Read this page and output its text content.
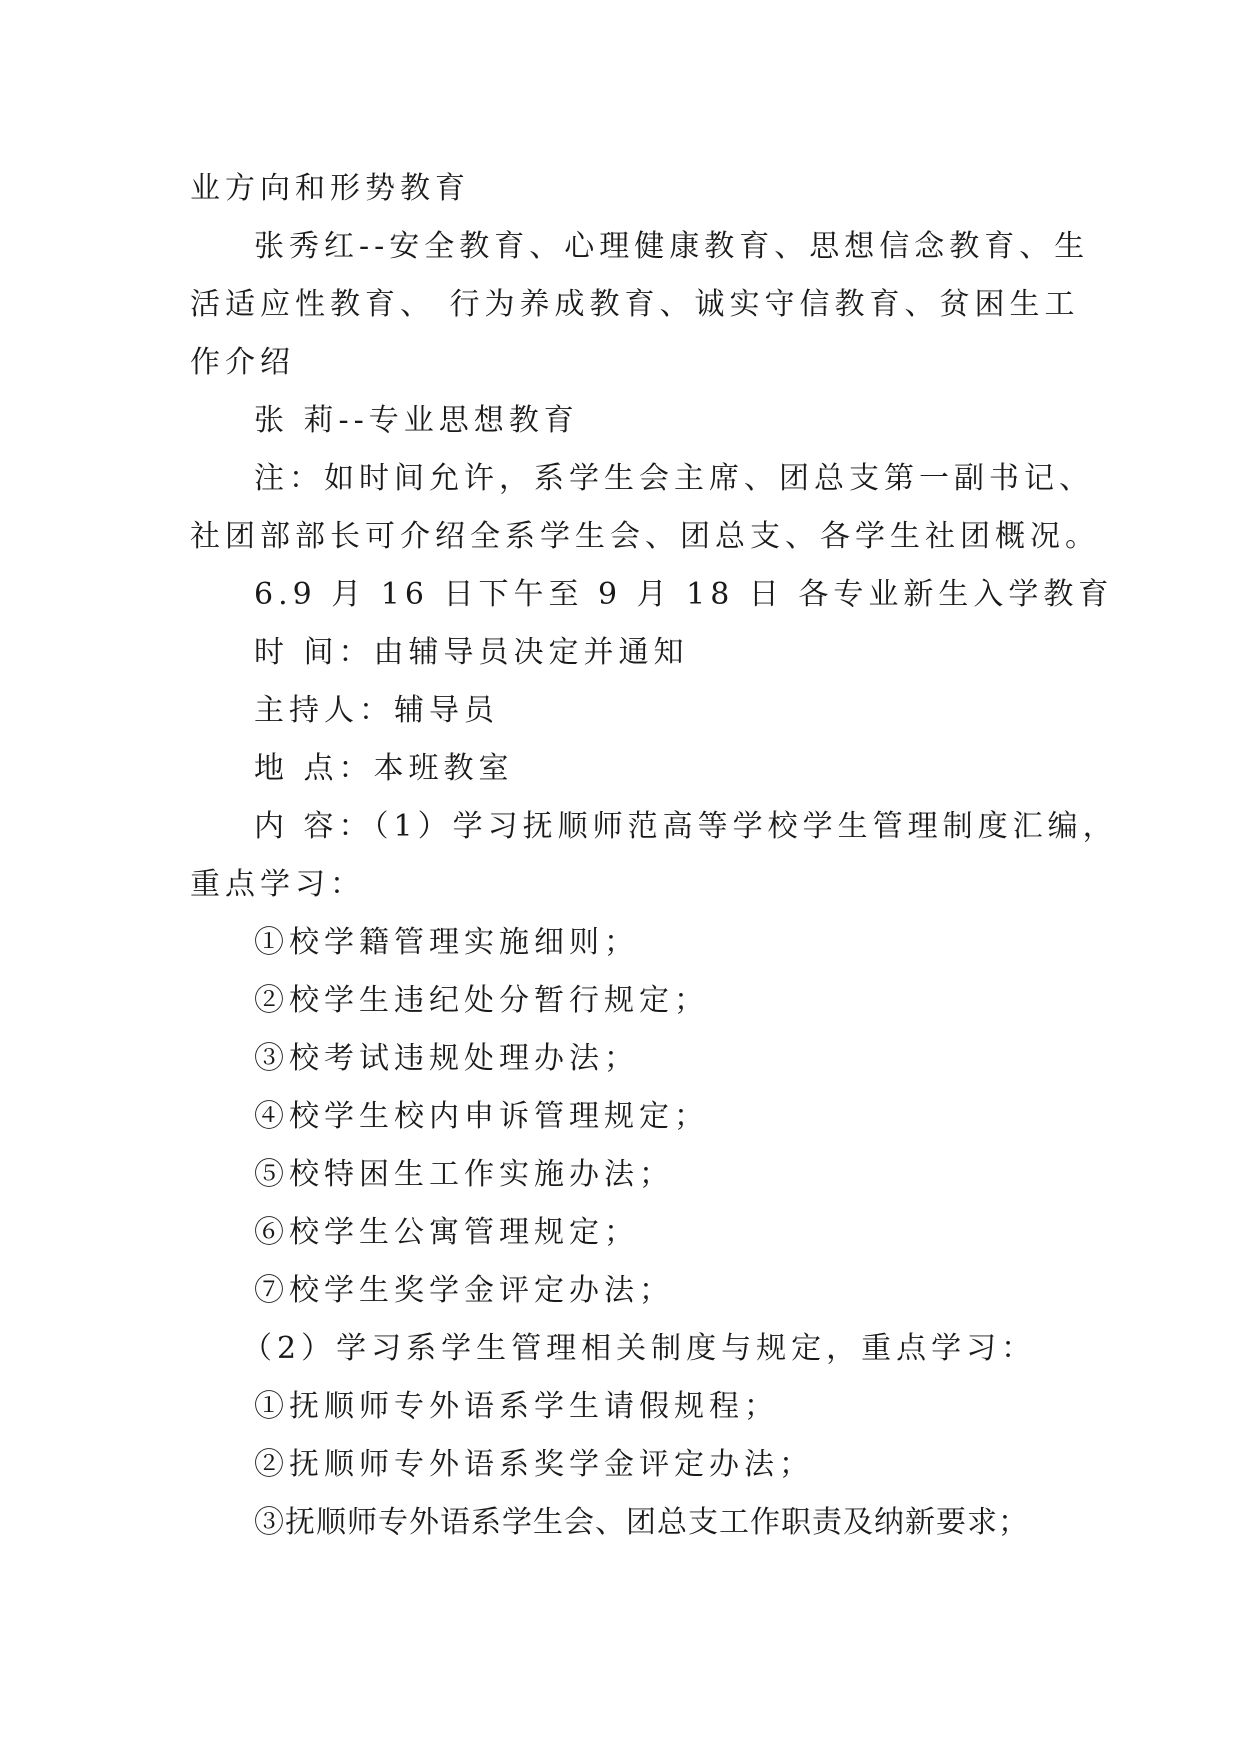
业方向和形势教育
张秀红--安全教育、心理健康教育、思想信念教育、生
活适应性教育、 行为养成教育、诚实守信教育、贫困生工
作介绍
张 莉--专业思想教育
注：如时间允许，系学生会主席、团总支第一副书记、
社团部部长可介绍全系学生会、团总支、各学生社团概况。
6.9 月 16 日下午至 9 月 18 日 各专业新生入学教育
时 间：由辅导员决定并通知
主持人：辅导员
地 点：本班教室
内 容：（1）学习抚顺师范高等学校学生管理制度汇编，
重点学习：
①校学籍管理实施细则；
②校学生违纪处分暂行规定；
③校考试违规处理办法；
④校学生校内申诉管理规定；
⑤校特困生工作实施办法；
⑥校学生公寓管理规定；
⑦校学生奖学金评定办法；
（2）学习系学生管理相关制度与规定，重点学习：
①抚顺师专外语系学生请假规程；
②抚顺师专外语系奖学金评定办法；
③抚顺师专外语系学生会、团总支工作职责及纳新要求；
